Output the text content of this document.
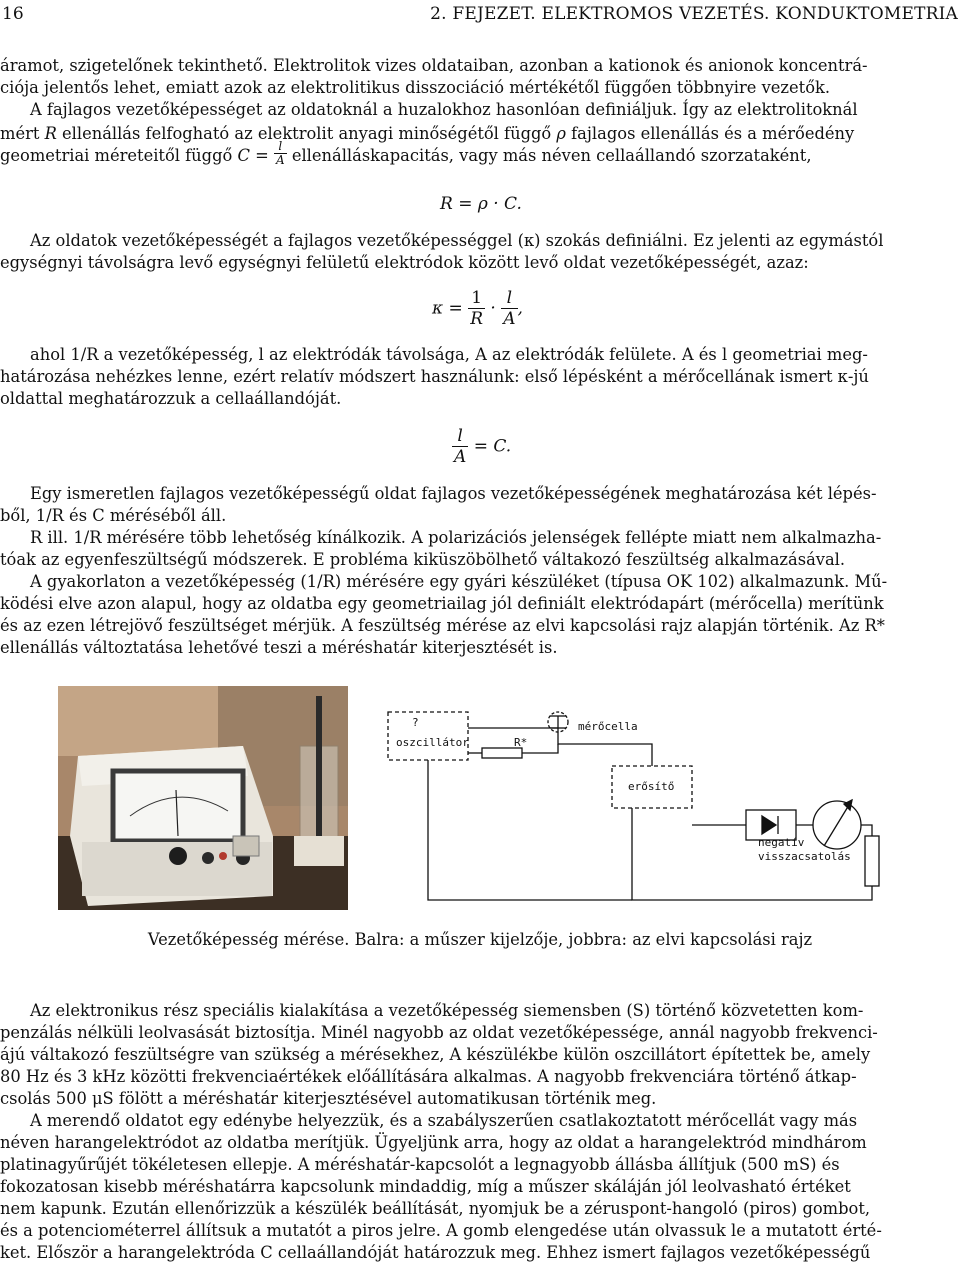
16	2. FEJEZET. ELEKTROMOS VEZETÉS. KONDUKTOMETRIA
áramot, szigetelőnek tekinthető. Elektrolitok vizes oldataiban, azonban a kationok és anionok koncentrá-
ciója jelentős lehet, emiatt azok az elektrolitikus disszociáció mértékétől függően többnyire vezetők.
A fajlagos vezetőképességet az oldatoknál a huzalokhoz hasonlóan definiáljuk. Így az elektrolitoknál
mért R ellenállás felfogható az elektrolit anyagi minőségétől függő ρ fajlagos ellenállás és a mérőedény
geometriai méreteitől függő $C = \frac{l}{A}$ ellenálláskapacitás, vagy más néven cellaállandó szorzataként,
R = ρ · C.
Az oldatok vezetőképességét a fajlagos vezetőképességgel (κ) szokás definiálni. Ez jelenti az egymástól
egységnyi távolságra levő egységnyi felületű elektródok között levő oldat vezetőképességét, azaz:
$\kappa = \frac{1}{R} \cdot \frac{l}{A}$ ,
ahol 1/R a vezetőképesség, l az elektródák távolsága, A az elektródák felülete. A és l geometriai meg-
határozása nehézkes lenne, ezért relatív módszert használunk: első lépésként a mérőcellának ismert κ-jú
oldattal meghatározzuk a cellaállandóját.
$\frac{l}{A} = C$.
Egy ismeretlen fajlagos vezetőképességű oldat fajlagos vezetőképességének meghatározása két lépés-
ből, 1/R és C méréséből áll.
R ill. 1/R mérésére több lehetőség kínálkozik. A polarizációs jelenségek fellépte miatt nem alkalmazha-
tóak az egyenfeszültségű módszerek. E probléma kiküszöbölhető váltakozó feszültség alkalmazásával.
A gyakorlaton a vezetőképesség (1/R) mérésére egy gyári készüléket (típusa OK 102) alkalmazunk. Mű-
ködési elve azon alapul, hogy az oldatba egy geometriailag jól definiált elektródapárt (mérőcella) merítünk
és az ezen létrejövő feszültséget mérjük. A feszültség mérése az elvi kapcsolási rajz alapján történik. Az R*
ellenállás változtatása lehetővé teszi a méréshatár kiterjesztését is.
?
oszcillátor	R*
mérőcella
erősítő
negatív
visszacsatolás
Vezetőképesség mérése. Balra: a műszer kijelzője, jobbra: az elvi kapcsolási rajz
Az elektronikus rész speciális kialakítása a vezetőképesség siemensben (S) történő közvetetten kom-
penzálás nélküli leolvasását biztosítja. Minél nagyobb az oldat vezetőképessége, annál nagyobb frekvenci-
ájú váltakozó feszültségre van szükség a mérésekhez, A készülékbe külön oszcillátort építettek be, amely
80 Hz és 3 kHz közötti frekvenciaértékek előállítására alkalmas. A nagyobb frekvenciára történő átkap-
csolás 500 μS fölött a méréshatár kiterjesztésével automatikusan történik meg.
A merendő oldatot egy edénybe helyezzük, és a szabályszerűen csatlakoztatott mérőcellát vagy más
néven harangelektródot az oldatba merítjük. Ügyeljünk arra, hogy az oldat a harangelektród mindhárom
platinagyűrűjét tökéletesen ellepje. A méréshatár-kapcsolót a legnagyobb állásba állítjuk (500 mS) és
fokozatosan kisebb méréshatárra kapcsolunk mindaddig, míg a műszer skáláján jól leolvasható értéket
nem kapunk. Ezután ellenőrizzük a készülék beállítását, nyomjuk be a zéruspont-hangoló (piros) gombot,
és a potenciométerrel állítsuk a mutatót a piros jelre. A gomb elengedése után olvassuk le a mutatott érté-
ket. Először a harangelektróda C cellaállandóját határozzuk meg. Ehhez ismert fajlagos vezetőképességű
